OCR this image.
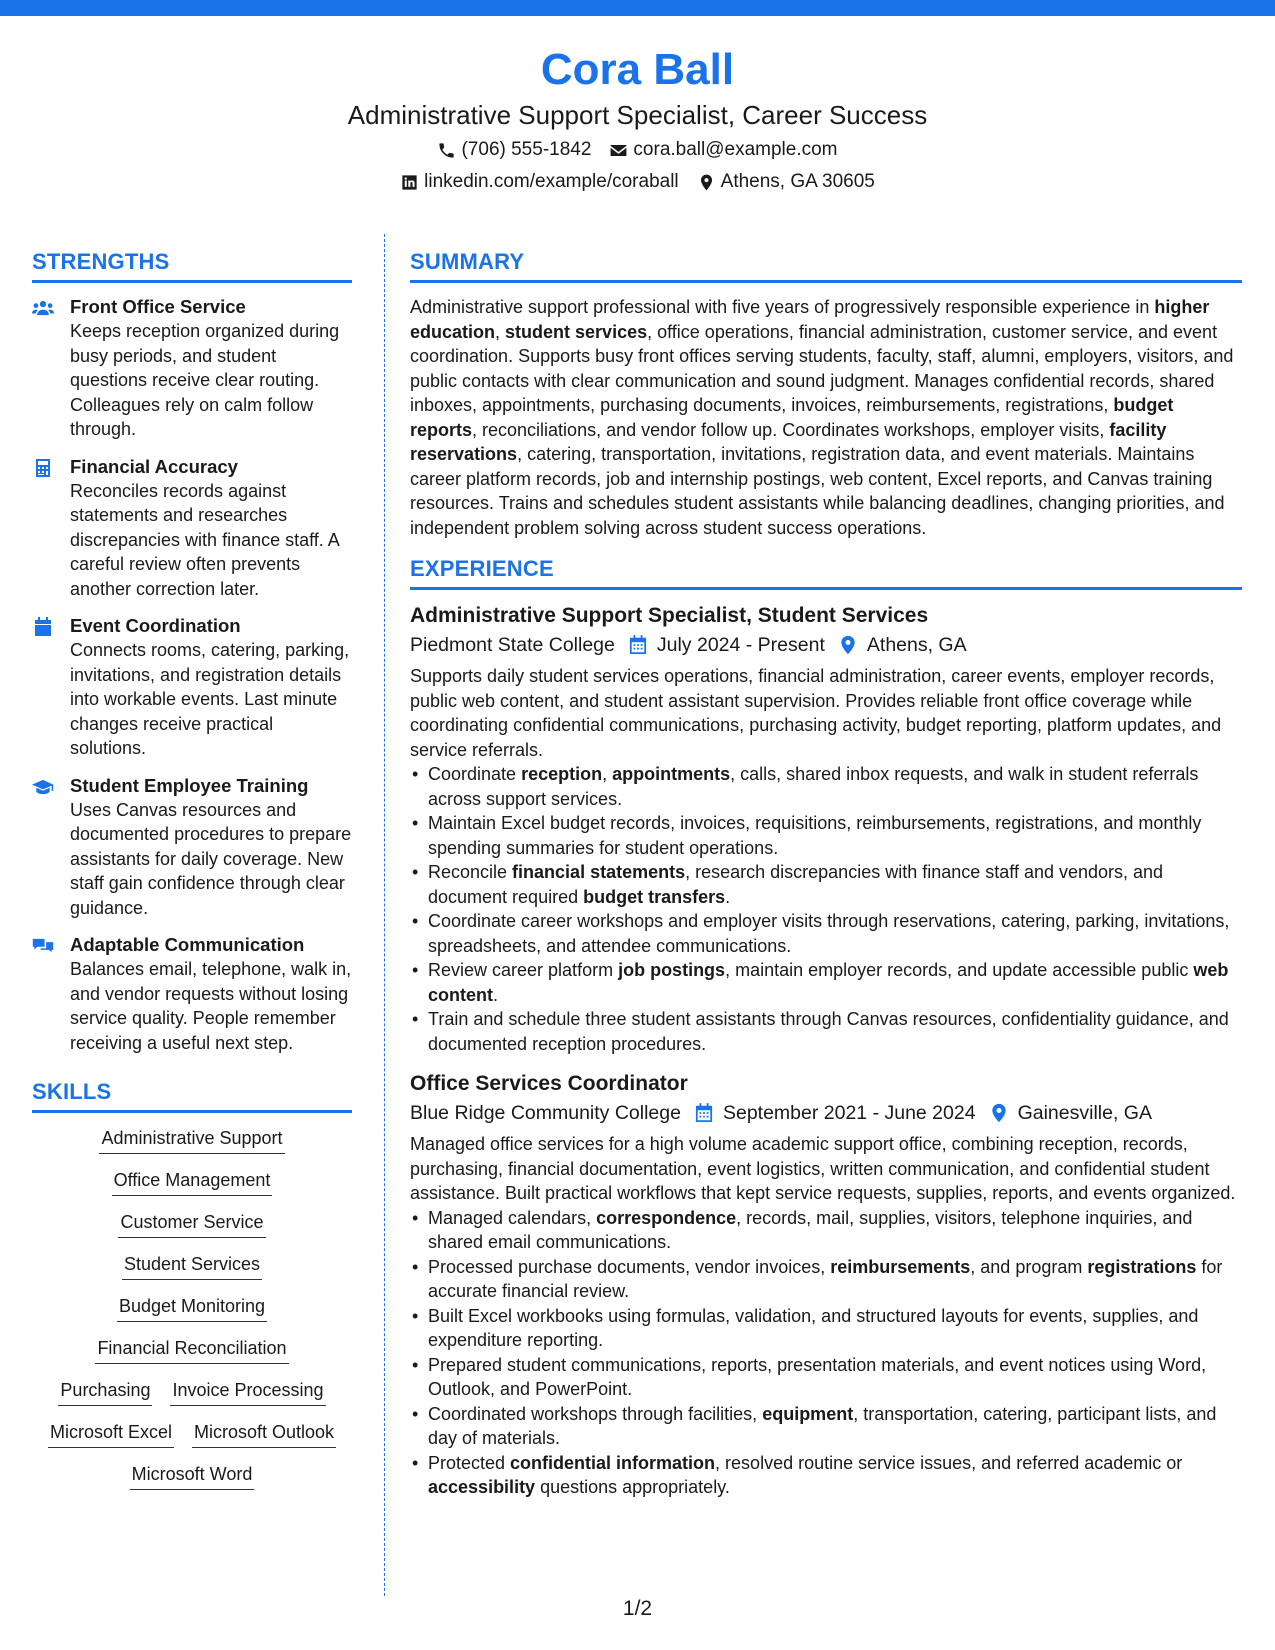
Cora Ball
Administrative Support Specialist, Career Success
(706) 555-1842 cora.ball@example.com
linkedin.com/example/coraball Athens, GA 30605
STRENGTHS
Front Office Service
Keeps reception organized during busy periods, and student questions receive clear routing. Colleagues rely on calm follow through.
Financial Accuracy
Reconciles records against statements and researches discrepancies with finance staff. A careful review often prevents another correction later.
Event Coordination
Connects rooms, catering, parking, invitations, and registration details into workable events. Last minute changes receive practical solutions.
Student Employee Training
Uses Canvas resources and documented procedures to prepare assistants for daily coverage. New staff gain confidence through clear guidance.
Adaptable Communication
Balances email, telephone, walk in, and vendor requests without losing service quality. People remember receiving a useful next step.
SKILLS
Administrative Support
Office Management
Customer Service
Student Services
Budget Monitoring
Financial Reconciliation
Purchasing Invoice Processing
Microsoft Excel Microsoft Outlook
Microsoft Word
SUMMARY

Administrative support professional with five years of progressively responsible experience in higher education, student services, office operations, financial administration, customer service, and event coordination. Supports busy front offices serving students, faculty, staff, alumni, employers, visitors, and public contacts with clear communication and sound judgment. Manages confidential records, shared inboxes, appointments, purchasing documents, invoices, reimbursements, registrations, budget reports, reconciliations, and vendor follow up. Coordinates workshops, employer visits, facility reservations, catering, transportation, invitations, registration data, and event materials. Maintains career platform records, job and internship postings, web content, Excel reports, and Canvas training resources. Trains and schedules student assistants while balancing deadlines, changing priorities, and independent problem solving across student success operations.

EXPERIENCE
Administrative Support Specialist, Student Services
Piedmont State College July 2024 - Present Athens, GA
Supports daily student services operations, financial administration, career events, employer records, public web content, and student assistant supervision. Provides reliable front office coverage while coordinating confidential communications, purchasing activity, budget reporting, platform updates, and service referrals.
• Coordinate reception, appointments, calls, shared inbox requests, and walk in student referrals across support services.
• Maintain Excel budget records, invoices, requisitions, reimbursements, registrations, and monthly spending summaries for student operations.
• Reconcile financial statements, research discrepancies with finance staff and vendors, and document required budget transfers.
• Coordinate career workshops and employer visits through reservations, catering, parking, invitations, spreadsheets, and attendee communications.
• Review career platform job postings, maintain employer records, and update accessible public web content.
• Train and schedule three student assistants through Canvas resources, confidentiality guidance, and documented reception procedures.
Office Services Coordinator
Blue Ridge Community College September 2021 - June 2024 Gainesville, GA
Managed office services for a high volume academic support office, combining reception, records, purchasing, financial documentation, event logistics, written communication, and confidential student assistance. Built practical workflows that kept service requests, supplies, reports, and events organized.
• Managed calendars, correspondence, records, mail, supplies, visitors, telephone inquiries, and shared email communications.
• Processed purchase documents, vendor invoices, reimbursements, and program registrations for accurate financial review.
• Built Excel workbooks using formulas, validation, and structured layouts for events, supplies, and expenditure reporting.
• Prepared student communications, reports, presentation materials, and event notices using Word, Outlook, and PowerPoint.
• Coordinated workshops through facilities, equipment, transportation, catering, participant lists, and day of materials.
• Protected confidential information, resolved routine service issues, and referred academic or accessibility questions appropriately.
1/2
